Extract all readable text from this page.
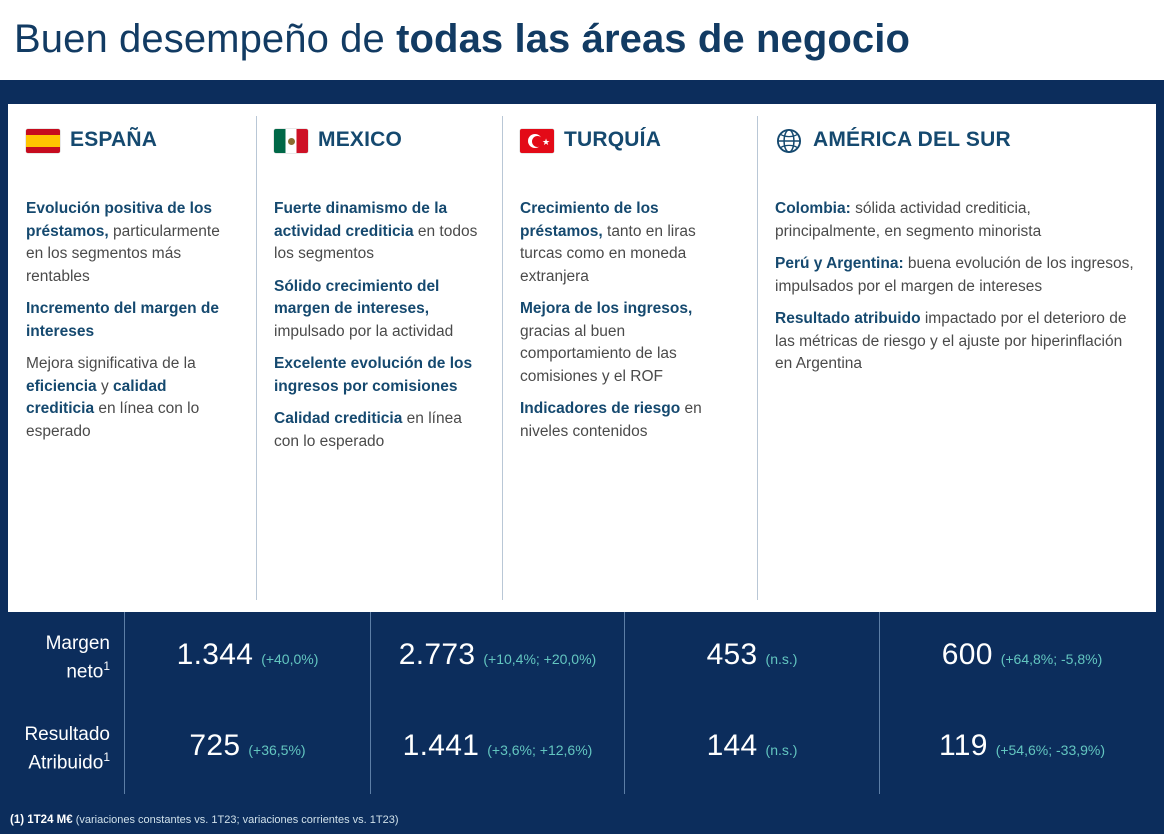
Buen desempeño de todas las áreas de negocio
ESPAÑA

Evolución positiva de los préstamos, particularmente en los segmentos más rentables

Incremento del margen de intereses

Mejora significativa de la eficiencia y calidad crediticia en línea con lo esperado

MEXICO

Fuerte dinamismo de la actividad crediticia en todos los segmentos

Sólido crecimiento del margen de intereses, impulsado por la actividad

Excelente evolución de los ingresos por comisiones

Calidad crediticia en línea con lo esperado

★ TURQUÍA

Crecimiento de los préstamos, tanto en liras turcas como en moneda extranjera

Mejora de los ingresos, gracias al buen comportamiento de las comisiones y el ROF

Indicadores de riesgo en niveles contenidos

AMÉRICA DEL SUR

Colombia: sólida actividad crediticia, principalmente, en segmento minorista

Perú y Argentina: buena evolución de los ingresos, impulsados por el margen de intereses

Resultado atribuido impactado por el deterioro de las métricas de riesgo y el ajuste por hiperinflación en Argentina

Margen
neto$^1$	1.344 (+40,0%)	2.773 (+10,4%; +20,0%)	453 (n.s.)	600 (+64,8%; -5,8%)
Resultado
Atribuido$^1$	725 (+36,5%)	1.441 (+3,6%; +12,6%)	144 (n.s.)	119 (+54,6%; -33,9%)
(1) 1T24 M€ (variaciones constantes vs. 1T23; variaciones corrientes vs. 1T23)
